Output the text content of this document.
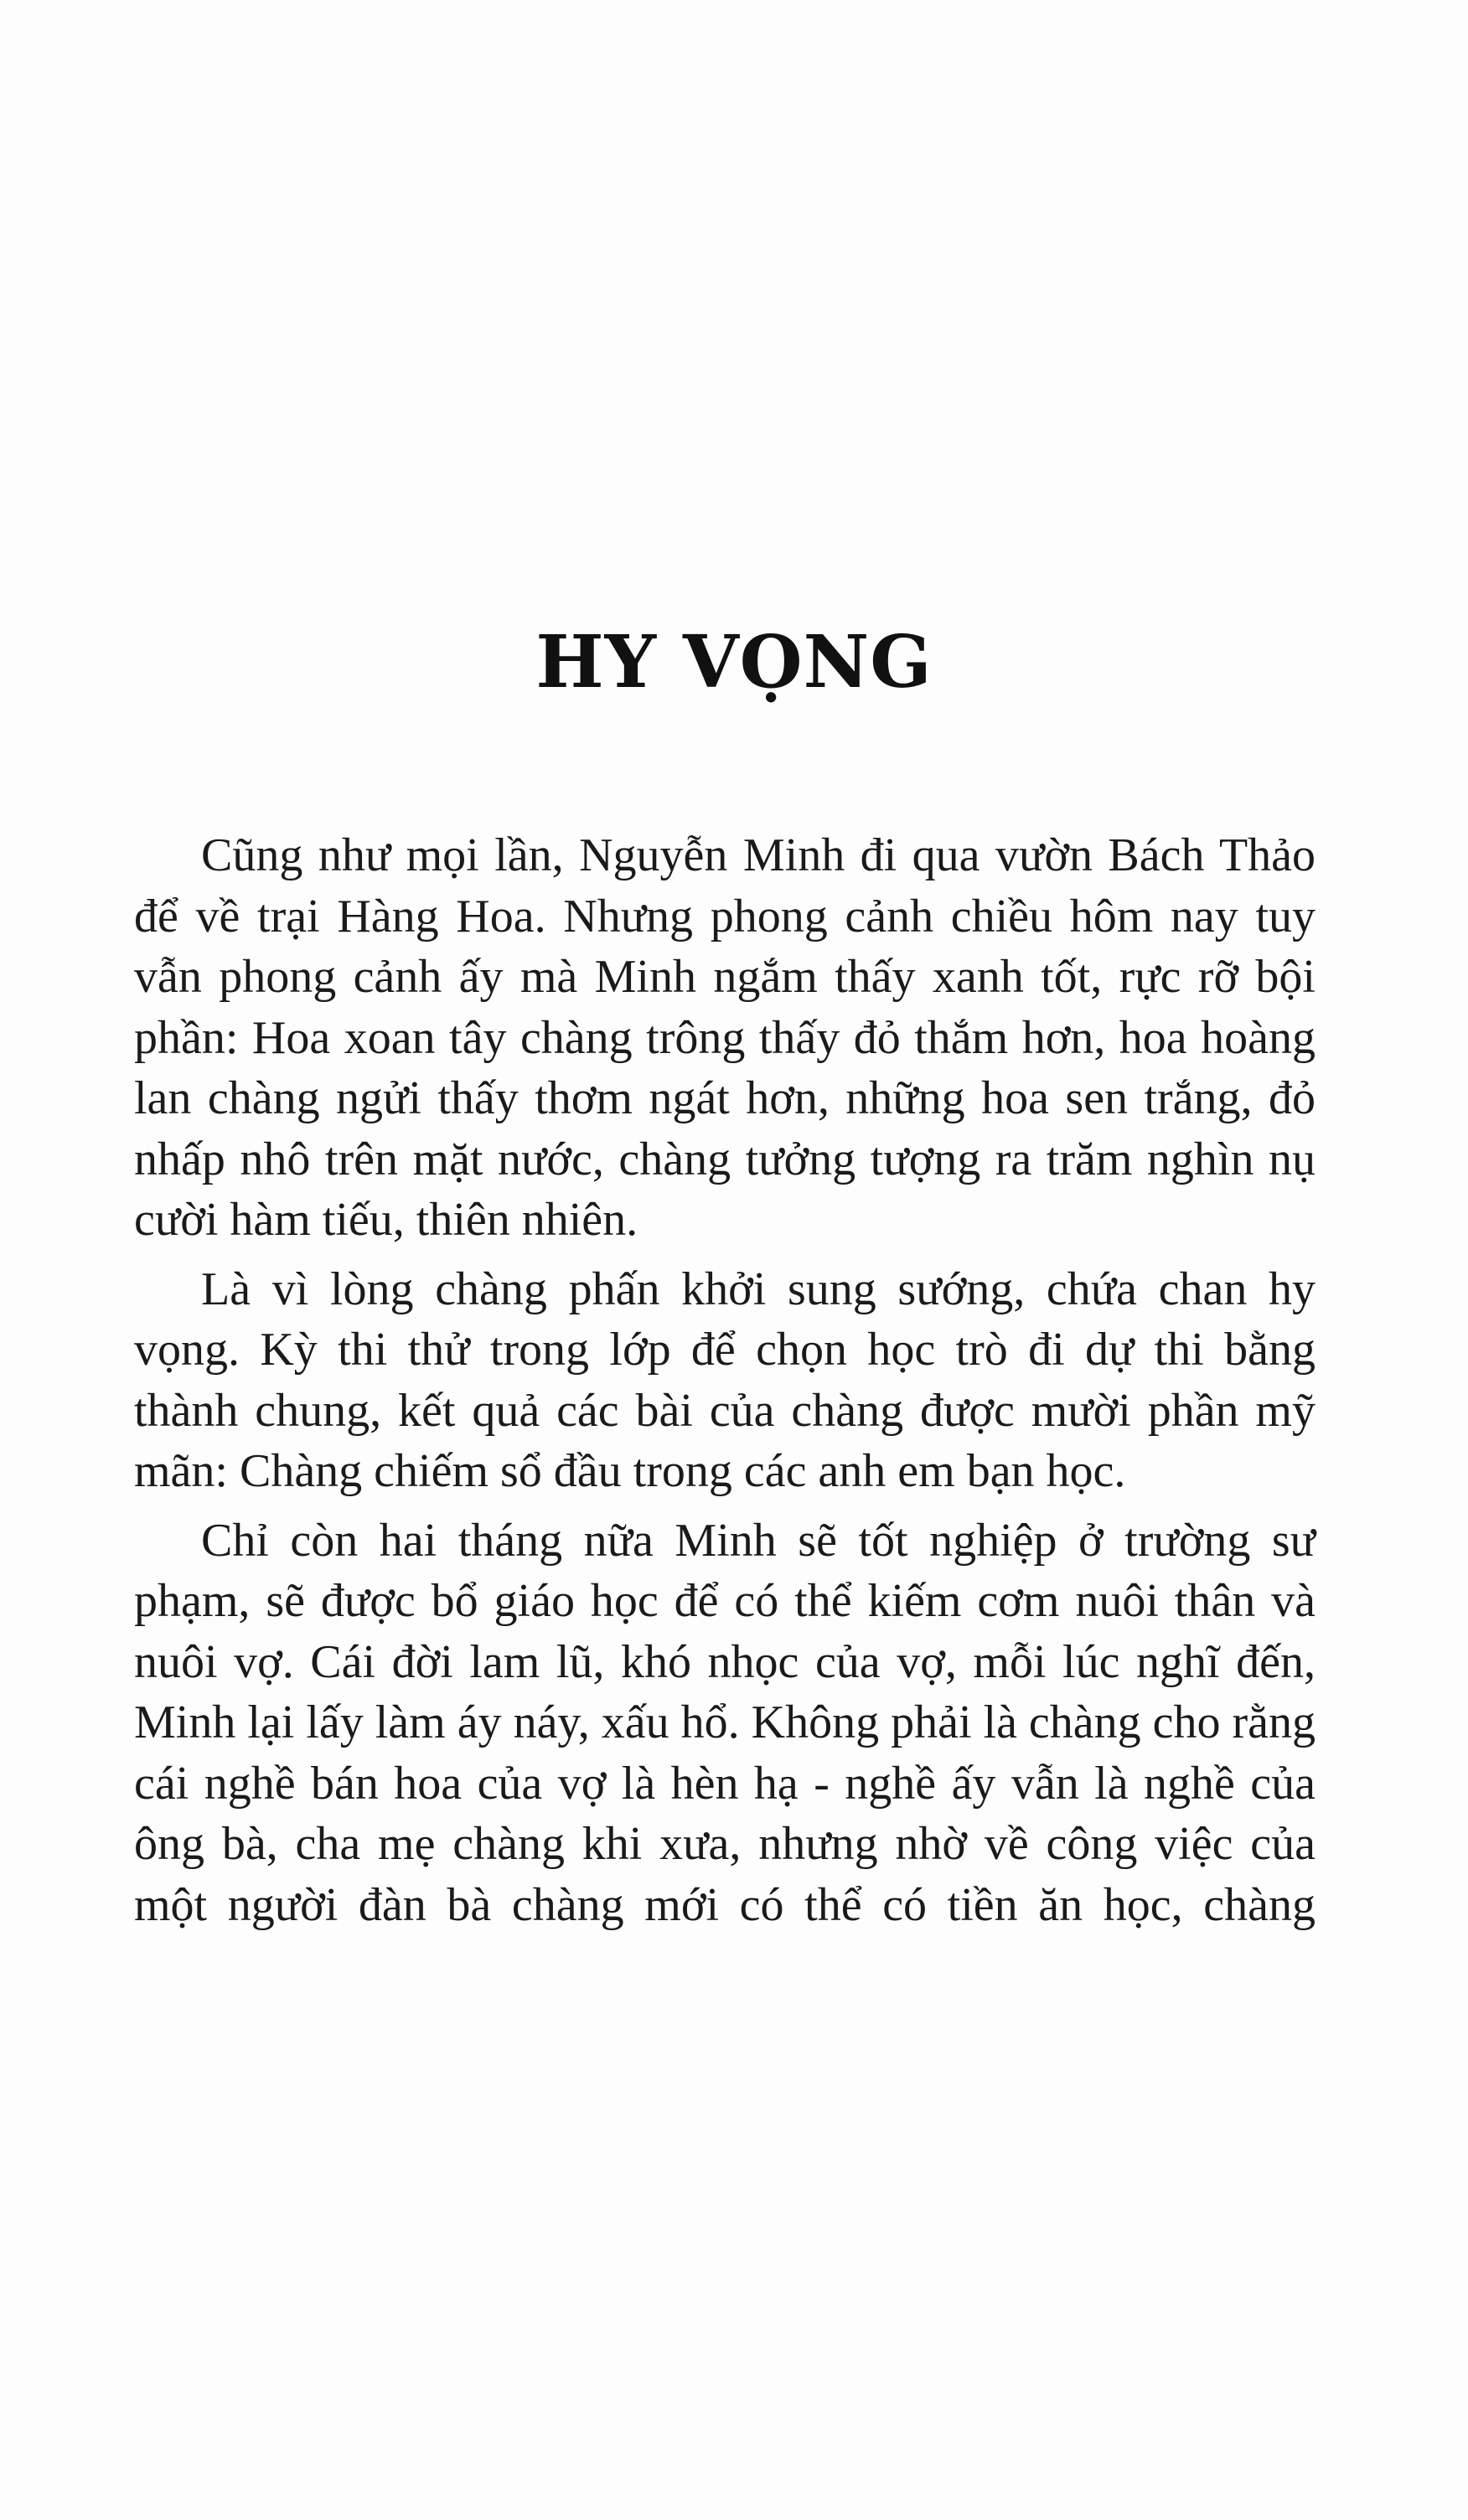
HY VỌNG

Cũng như mọi lần, Nguyễn Minh đi qua vườn Bách Thảo để về trại Hàng Hoa. Nhưng phong cảnh chiều hôm nay tuy vẫn phong cảnh ấy mà Minh ngắm thấy xanh tốt, rực rỡ bội phần: Hoa xoan tây chàng trông thấy đỏ thắm hơn, hoa hoàng lan chàng ngửi thấy thơm ngát hơn, những hoa sen trắng, đỏ nhấp nhô trên mặt nước, chàng tưởng tượng ra trăm nghìn nụ cười hàm tiếu, thiên nhiên.

Là vì lòng chàng phấn khởi sung sướng, chứa chan hy vọng. Kỳ thi thử trong lớp để chọn học trò đi dự thi bằng thành chung, kết quả các bài của chàng được mười phần mỹ mãn: Chàng chiếm sổ đầu trong các anh em bạn học.

Chỉ còn hai tháng nữa Minh sẽ tốt nghiệp ở trường sư phạm, sẽ được bổ giáo học để có thể kiếm cơm nuôi thân và nuôi vợ. Cái đời lam lũ, khó nhọc của vợ, mỗi lúc nghĩ đến, Minh lại lấy làm áy náy, xấu hổ. Không phải là chàng cho rằng cái nghề bán hoa của vợ là hèn hạ - nghề ấy vẫn là nghề của ông bà, cha mẹ chàng khi xưa, nhưng nhờ về công việc của một người đàn bà chàng mới có thể có tiền ăn học, chàng
